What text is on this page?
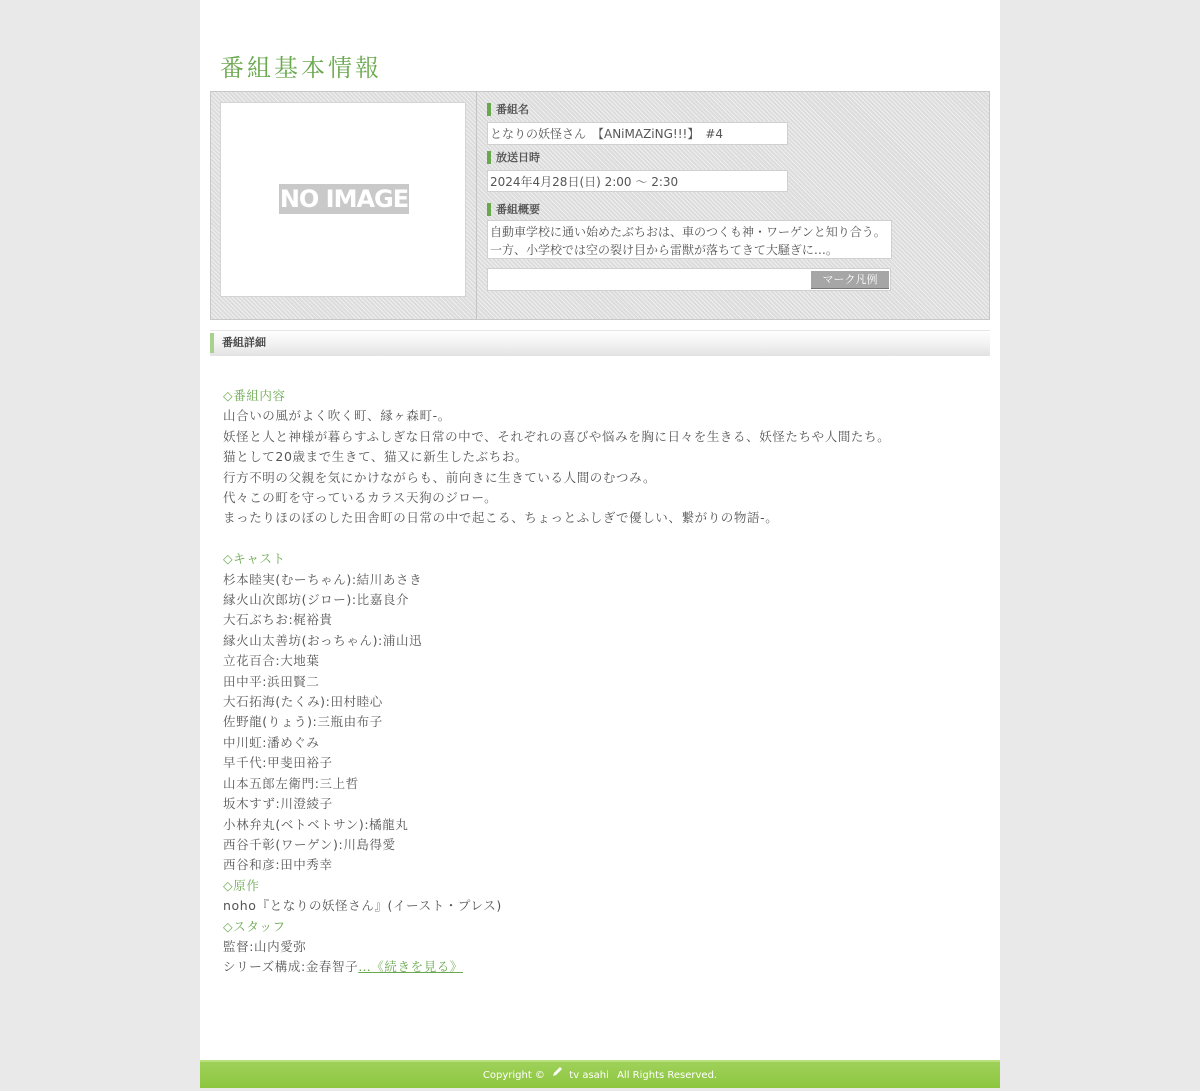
番組基本情報
NO IMAGE
番組名
となりの妖怪さん　【ANiMAZiNG!!!】　#4
放送日時
2024年4月28日(日) 2:00 ～ 2:30
番組概要
自動車学校に通い始めたぶちおは、車のつくも神・ワーゲンと知り合う。
一方、小学校では空の裂け目から雷獣が落ちてきて大騒ぎに…。
マーク凡例
番組詳細
◇番組内容
山合いの風がよく吹く町、縁ヶ森町-。
妖怪と人と神様が暮らすふしぎな日常の中で、それぞれの喜びや悩みを胸に日々を生きる、妖怪たちや人間たち。
猫として20歳まで生きて、猫又に新生したぶちお。
行方不明の父親を気にかけながらも、前向きに生きている人間のむつみ。
代々この町を守っているカラス天狗のジロー。
まったりほのぼのした田舎町の日常の中で起こる、ちょっとふしぎで優しい、繋がりの物語-。
◇キャスト
杉本睦実(むーちゃん):結川あさき
縁火山次郎坊(ジロー):比嘉良介
大石ぶちお:梶裕貴
縁火山太善坊(おっちゃん):浦山迅
立花百合:大地葉
田中平:浜田賢二
大石拓海(たくみ):田村睦心
佐野龍(りょう):三瓶由布子
中川虹:潘めぐみ
早千代:甲斐田裕子
山本五郎左衛門:三上哲
坂木すず:川澄綾子
小林弁丸(ベトベトサン):橘龍丸
西谷千彰(ワーゲン):川島得愛
西谷和彦:田中秀幸
◇原作
noho『となりの妖怪さん』(イースト・プレス)
◇スタッフ
監督:山内愛弥
シリーズ構成:金春智子…《続きを見る》
Copyright © tv asahi All Rights Reserved.
